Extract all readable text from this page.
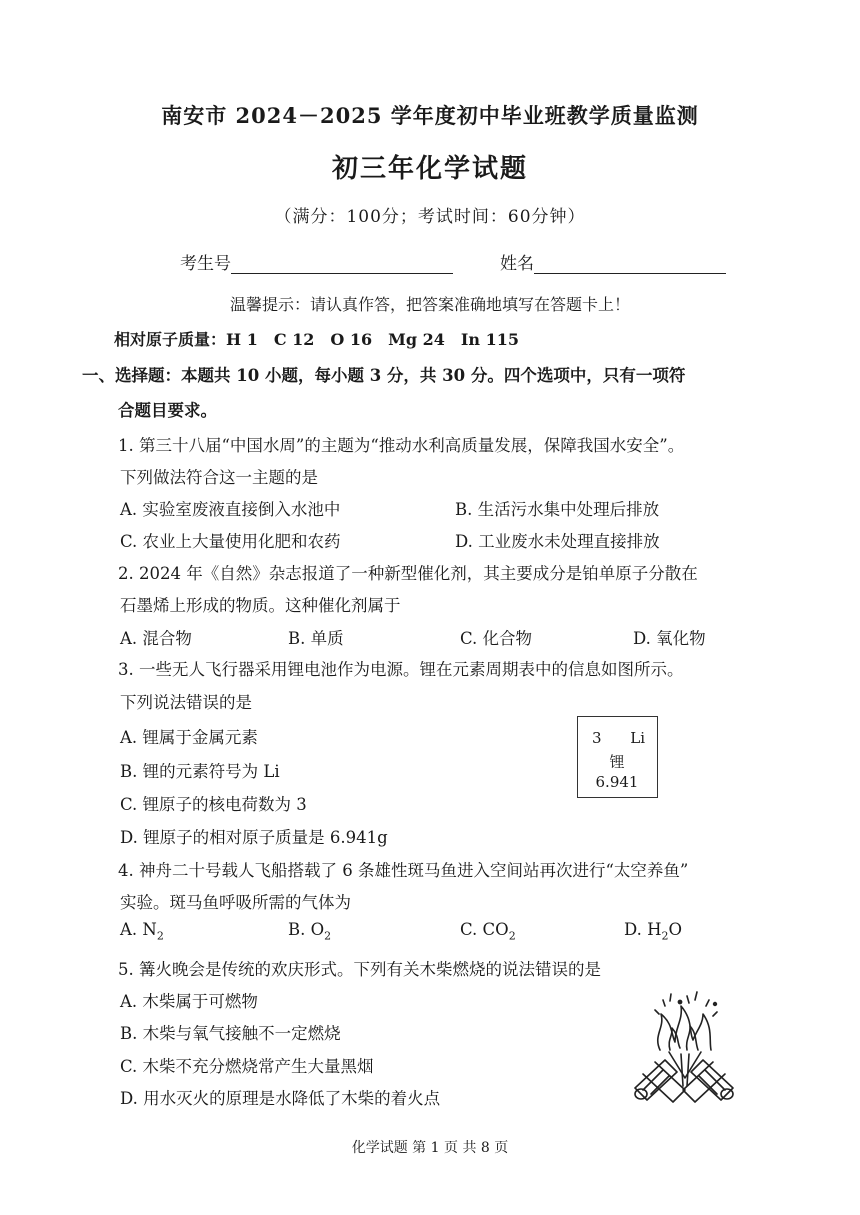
南安市 2024－2025 学年度初中毕业班教学质量监测
初三年化学试题
（满分：100分；考试时间：60分钟）
考生号	姓名
温馨提示：请认真作答，把答案准确地填写在答题卡上！
相对原子质量：H 1　C 12　O 16　Mg 24　In 115
一、选择题：本题共 10 小题，每小题 3 分，共 30 分。四个选项中，只有一项符
合题目要求。
1. 第三十八届“中国水周”的主题为“推动水利高质量发展，保障我国水安全”。
下列做法符合这一主题的是
A. 实验室废液直接倒入水池中	B. 生活污水集中处理后排放
C. 农业上大量使用化肥和农药	D. 工业废水未处理直接排放
2. 2024 年《自然》杂志报道了一种新型催化剂，其主要成分是铂单原子分散在
石墨烯上形成的物质。这种催化剂属于
A. 混合物	B. 单质	C. 化合物	D. 氧化物
3. 一些无人飞行器采用锂电池作为电源。锂在元素周期表中的信息如图所示。
下列说法错误的是
A. 锂属于金属元素
B. 锂的元素符号为 Li
C. 锂原子的核电荷数为 3
D. 锂原子的相对原子质量是 6.941g
3 Li
锂
6.941
4. 神舟二十号载人飞船搭载了 6 条雄性斑马鱼进入空间站再次进行“太空养鱼”
实验。斑马鱼呼吸所需的气体为
A. $N_2$	B. $O_2$	C. $CO_2$	D. $H_2O$
5. 篝火晚会是传统的欢庆形式。下列有关木柴燃烧的说法错误的是
A. 木柴属于可燃物
B. 木柴与氧气接触不一定燃烧
C. 木柴不充分燃烧常产生大量黑烟
D. 用水灭火的原理是水降低了木柴的着火点
化学试题 第 1 页 共 8 页
